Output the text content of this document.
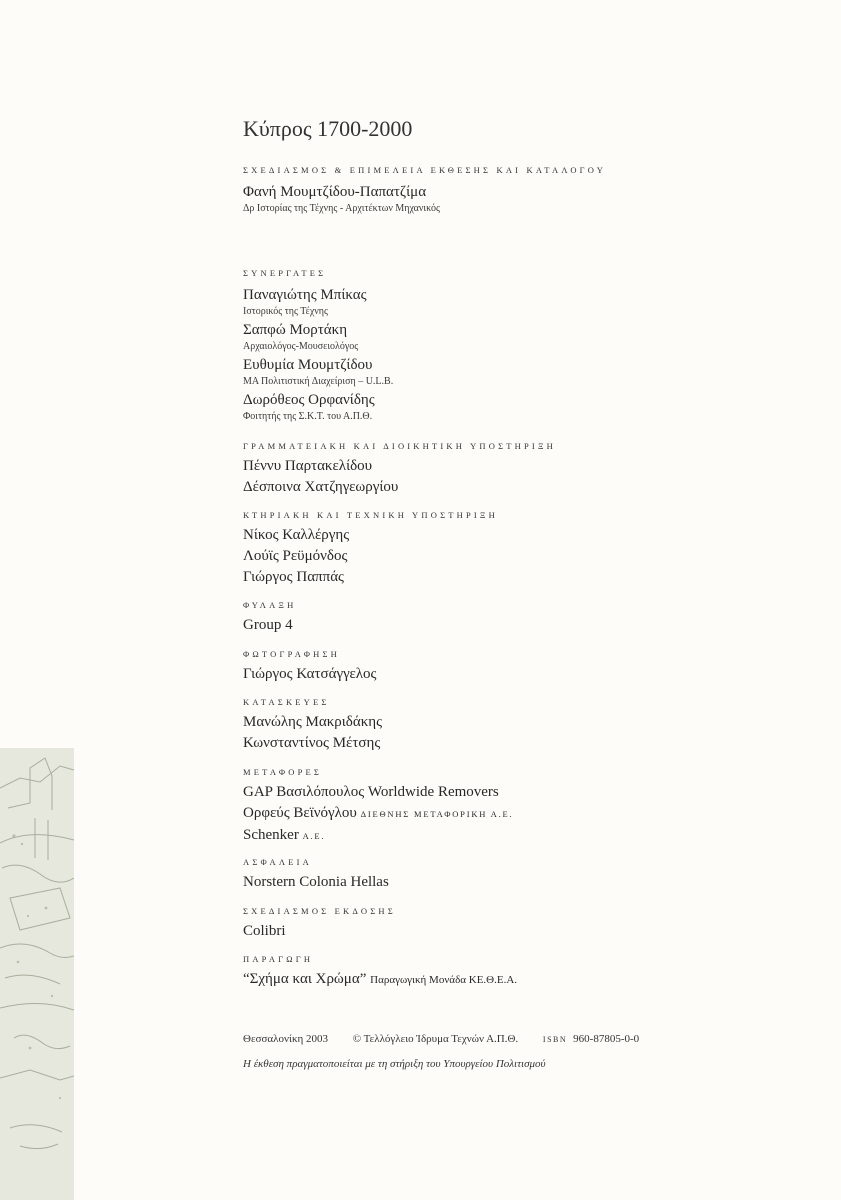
Κύπρος 1700-2000
ΣΧΕΔΙΑΣΜΟΣ & ΕΠΙΜΕΛΕΙΑ ΕΚΘΕΣΗΣ ΚΑΙ ΚΑΤΑΛΟΓΟΥ
Φανή Μουμτζίδου-Παπατζίμα
Δρ Ιστορίας της Τέχνης - Αρχιτέκτων Μηχανικός
ΣΥΝΕΡΓΑΤΕΣ
Παναγιώτης Μπίκας
Ιστορικός της Τέχνης
Σαπφώ Μορτάκη
Αρχαιολόγος-Μουσειολόγος
Ευθυμία Μουμτζίδου
ΜΑ Πολιτιστική Διαχείριση – U.L.B.
Δωρόθεος Ορφανίδης
Φοιτητής της Σ.Κ.Τ. του Α.Π.Θ.
ΓΡΑΜΜΑΤΕΙΑΚΗ ΚΑΙ ΔΙΟΙΚΗΤΙΚΗ ΥΠΟΣΤΗΡΙΞΗ
Πέννυ Παρτακελίδου
Δέσποινα Χατζηγεωργίου
ΚΤΗΡΙΑΚΗ ΚΑΙ ΤΕΧΝΙΚΗ ΥΠΟΣΤΗΡΙΞΗ
Νίκος Καλλέργης
Λούϊς Ρεϋμόνδος
Γιώργος Παππάς
ΦΥΛΑΞΗ
Group 4
ΦΩΤΟΓΡΑΦΗΣΗ
Γιώργος Κατσάγγελος
ΚΑΤΑΣΚΕΥΕΣ
Μανώλης Μακριδάκης
Κωνσταντίνος Μέτσης
ΜΕΤΑΦΟΡΕΣ
GAP Βασιλόπουλος Worldwide Removers
Ορφεύς Βεϊνόγλου ΔΙΕΘΝΗΣ ΜΕΤΑΦΟΡΙΚΗ Α.Ε.
Schenker Α.Ε.
ΑΣΦΑΛΕΙΑ
Norstern Colonia Hellas
ΣΧΕΔΙΑΣΜΟΣ ΕΚΔΟΣΗΣ
Colibri
ΠΑΡΑΓΩΓΗ
“Σχήμα και Χρώμα” Παραγωγική Μονάδα ΚΕ.Θ.Ε.Α.
Θεσσαλονίκη 2003 © Τελλόγλειο Ίδρυμα Τεχνών Α.Π.Θ.	ISBN 960-87805-0-0
Η έκθεση πραγματοποιείται με τη στήριξη του Υπουργείου Πολιτισμού
